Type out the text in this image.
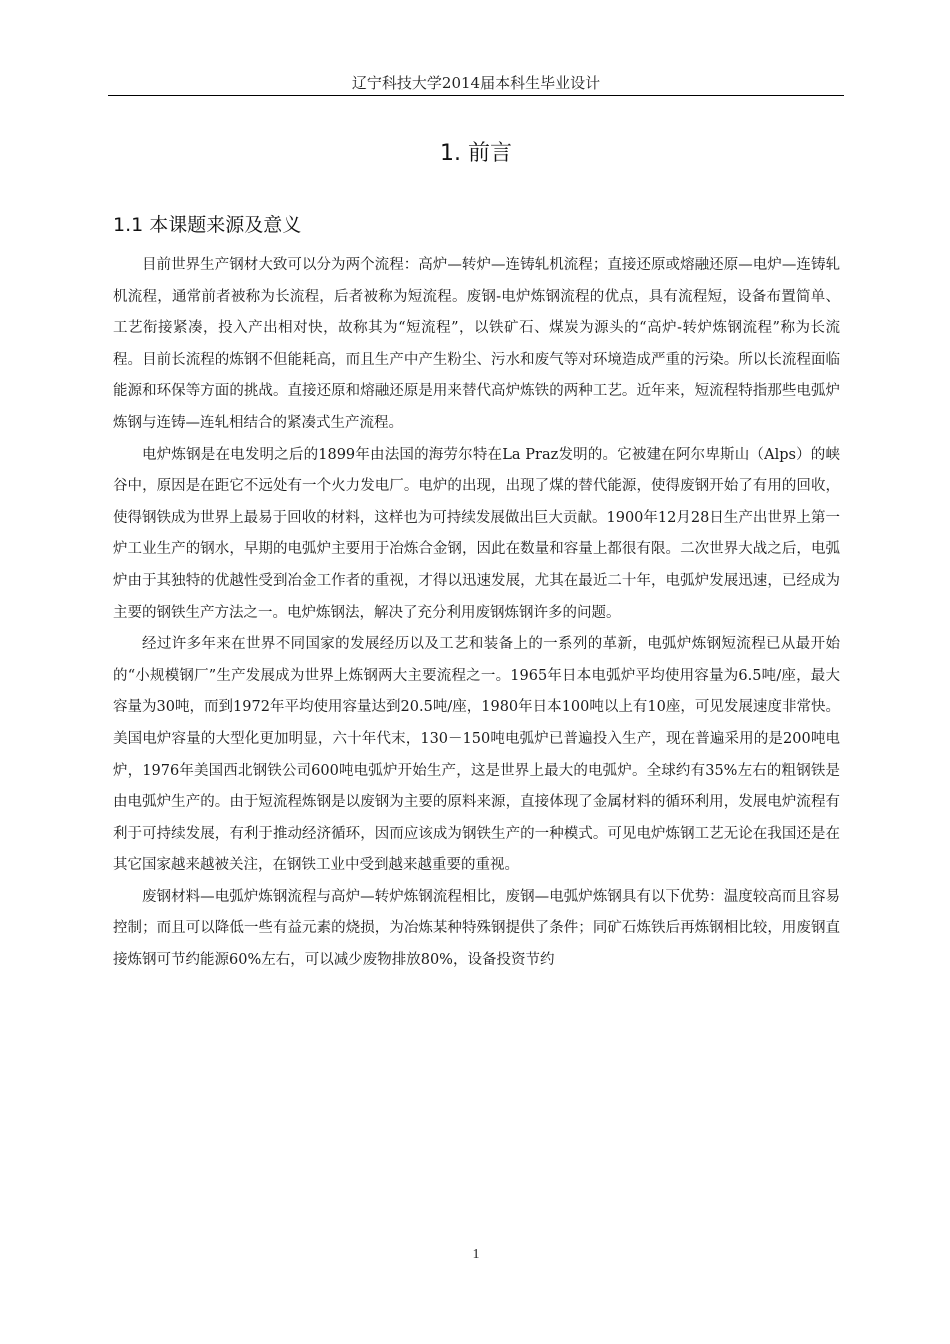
辽宁科技大学2014届本科生毕业设计
1. 前言
1.1 本课题来源及意义

目前世界生产钢材大致可以分为两个流程：高炉—转炉—连铸轧机流程；直接还原或熔融还原—电炉—连铸轧机流程，通常前者被称为长流程，后者被称为短流程。废钢-电炉炼钢流程的优点，具有流程短，设备布置简单、工艺衔接紧凑，投入产出相对快，故称其为“短流程”，以铁矿石、煤炭为源头的“高炉-转炉炼钢流程”称为长流程。目前长流程的炼钢不但能耗高，而且生产中产生粉尘、污水和废气等对环境造成严重的污染。所以长流程面临能源和环保等方面的挑战。直接还原和熔融还原是用来替代高炉炼铁的两种工艺。近年来，短流程特指那些电弧炉炼钢与连铸—连轧相结合的紧凑式生产流程。

电炉炼钢是在电发明之后的1899年由法国的海劳尔特在La Praz发明的。它被建在阿尔卑斯山（Alps）的峡谷中，原因是在距它不远处有一个火力发电厂。电炉的出现，出现了煤的替代能源，使得废钢开始了有用的回收，使得钢铁成为世界上最易于回收的材料，这样也为可持续发展做出巨大贡献。1900年12月28日生产出世界上第一炉工业生产的钢水，早期的电弧炉主要用于冶炼合金钢，因此在数量和容量上都很有限。二次世界大战之后，电弧炉由于其独特的优越性受到冶金工作者的重视，才得以迅速发展，尤其在最近二十年，电弧炉发展迅速，已经成为主要的钢铁生产方法之一。电炉炼钢法，解决了充分利用废钢炼钢许多的问题。

经过许多年来在世界不同国家的发展经历以及工艺和装备上的一系列的革新，电弧炉炼钢短流程已从最开始的“小规模钢厂”生产发展成为世界上炼钢两大主要流程之一。1965年日本电弧炉平均使用容量为6.5吨/座，最大容量为30吨，而到1972年平均使用容量达到20.5吨/座，1980年日本100吨以上有10座，可见发展速度非常快。美国电炉容量的大型化更加明显，六十年代末，130－150吨电弧炉已普遍投入生产，现在普遍采用的是200吨电炉，1976年美国西北钢铁公司600吨电弧炉开始生产，这是世界上最大的电弧炉。全球约有35%左右的粗钢铁是由电弧炉生产的。由于短流程炼钢是以废钢为主要的原料来源，直接体现了金属材料的循环利用，发展电炉流程有利于可持续发展，有利于推动经济循环，因而应该成为钢铁生产的一种模式。可见电炉炼钢工艺无论在我国还是在其它国家越来越被关注，在钢铁工业中受到越来越重要的重视。

废钢材料—电弧炉炼钢流程与高炉—转炉炼钢流程相比，废钢—电弧炉炼钢具有以下优势：温度较高而且容易控制；而且可以降低一些有益元素的烧损，为冶炼某种特殊钢提供了条件；同矿石炼铁后再炼钢相比较，用废钢直接炼钢可节约能源60%左右，可以减少废物排放80%，设备投资节约

1
